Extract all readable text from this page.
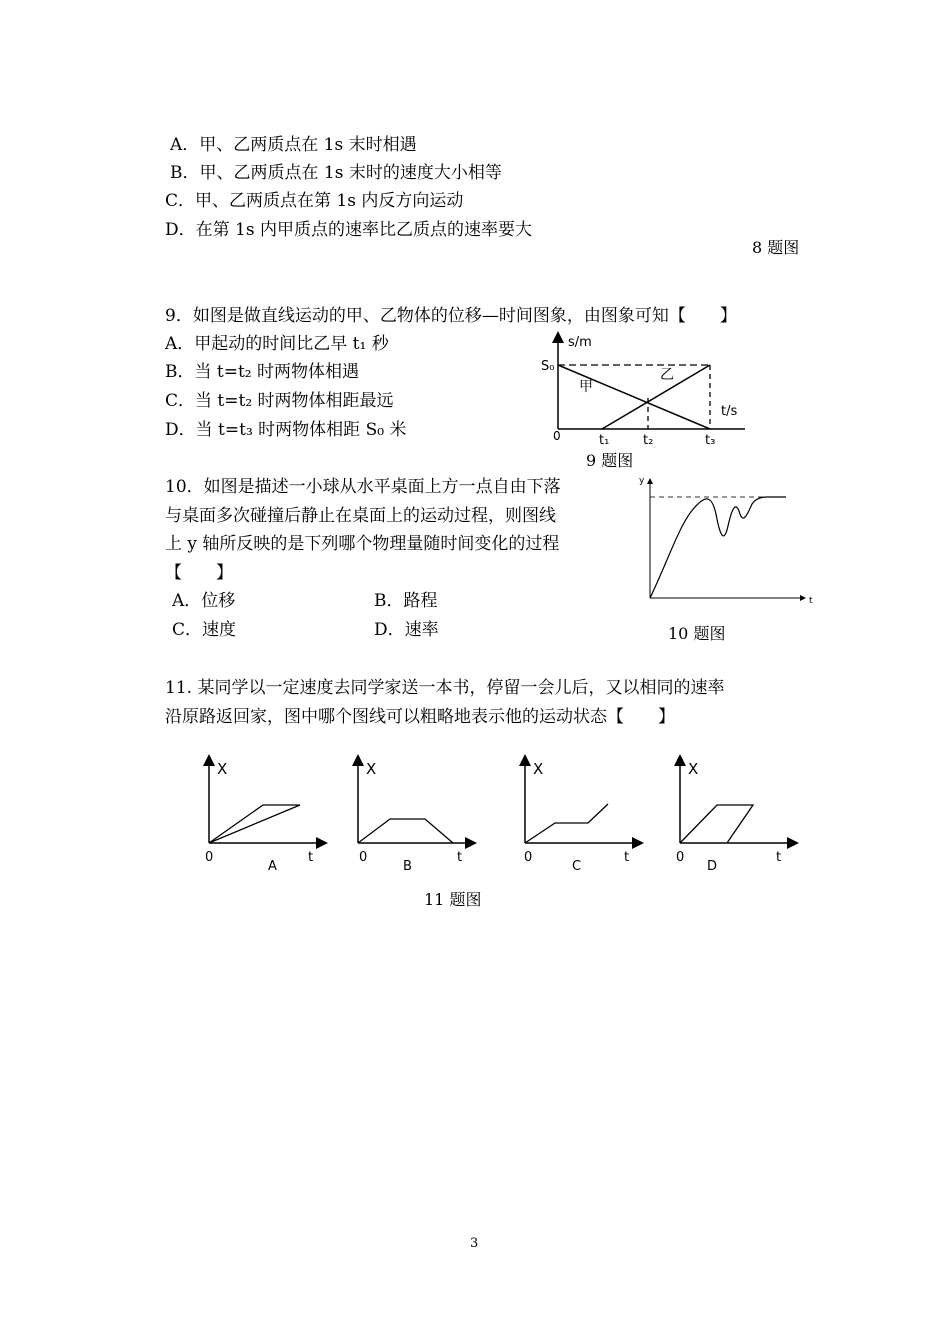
A．甲、乙两质点在 1s 末时相遇
B．甲、乙两质点在 1s 末时的速度大小相等
C．甲、乙两质点在第 1s 内反方向运动
D．在第 1s 内甲质点的速率比乙质点的速率要大
8 题图
9．如图是做直线运动的甲、乙物体的位移—时间图象，由图象可知【　　】
A．甲起动的时间比乙早 t₁ 秒
B．当 t=t₂ 时两物体相遇
C．当 t=t₂ 时两物体相距最远
D．当 t=t₃ 时两物体相距 S₀ 米
s/m
t/s
S₀
0
甲
乙
t₁	t₂	t₃
9 题图
10．如图是描述一小球从水平桌面上方一点自由下落
与桌面多次碰撞后静止在桌面上的运动过程，则图线
上 y 轴所反映的是下列哪个物理量随时间变化的过程
【　　】
A．位移	B．路程
C．速度	D．速率
y
t
10 题图
11. 某同学以一定速度去同学家送一本书，停留一会儿后，又以相同的速率
沿原路返回家，图中哪个图线可以粗略地表示他的运动状态【　　】
X
t
0
A
X
t
0
B
X
t
0
C
X
t
0
D
11 题图
3
